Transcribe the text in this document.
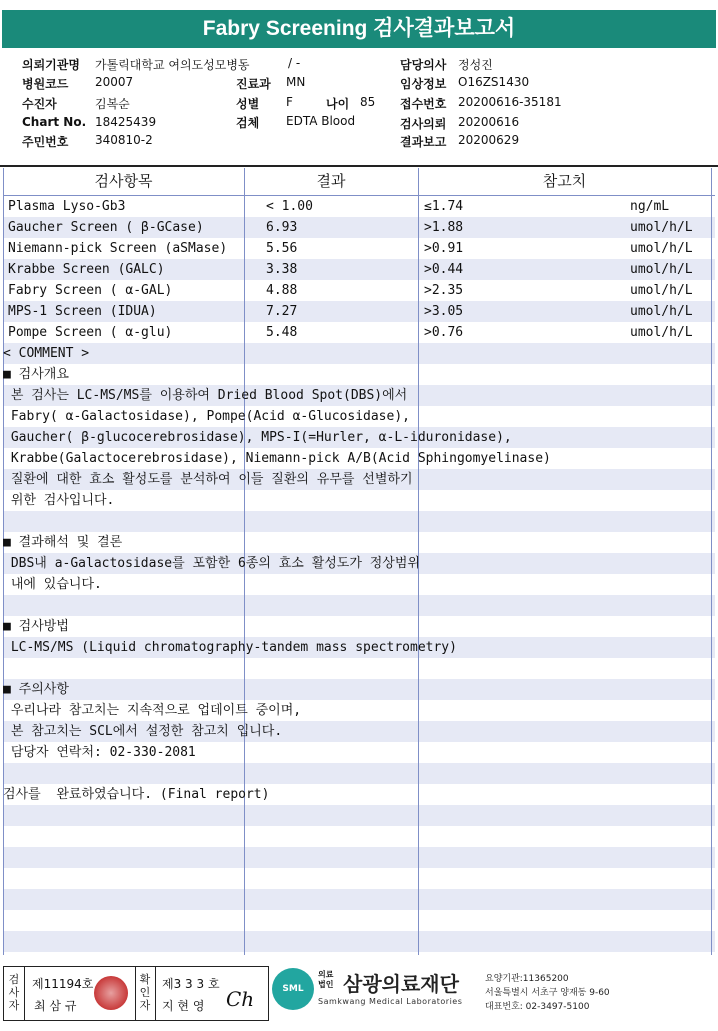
Fabry Screening 검사결과보고서
의뢰기관명 가톨릭대학교 여의도성모병동	/ -
병원코드 20007
수진자	김복순
Chart No. 18425439
주민번호 340810-2
진료과 MN
성별 F	나이 85
검체 EDTA Blood
담당의사 정성진
임상정보 O16ZS1430
접수번호 20200616-35181
검사의뢰 20200616
결과보고 20200629
검사항목	결과	참고치
Plasma Lyso-Gb3	< 1.00	≤1.74	ng/mL
Gaucher Screen ( β-GCase)	6.93	>1.88	umol/h/L
Niemann-pick Screen (aSMase)	5.56	>0.91	umol/h/L
Krabbe Screen (GALC)	3.38	>0.44	umol/h/L
Fabry Screen ( α-GAL)	4.88	>2.35	umol/h/L
MPS-1 Screen (IDUA)	7.27	>3.05	umol/h/L
Pompe Screen ( α-glu)	5.48	>0.76	umol/h/L
< COMMENT >
■ 검사개요
본 검사는 LC-MS/MS를 이용하여 Dried Blood Spot(DBS)에서
Fabry( α-Galactosidase), Pompe(Acid α-Glucosidase),
Gaucher( β-glucocerebrosidase), MPS-I(=Hurler, α-L-iduronidase),
Krabbe(Galactocerebrosidase), Niemann-pick A/B(Acid Sphingomyelinase)
질환에 대한 효소 활성도를 분석하여 이들 질환의 유무를 선별하기
위한 검사입니다.
■ 결과해석 및 결론
DBS내 a-Galactosidase를 포함한 6종의 효소 활성도가 정상범위
내에 있습니다.
■ 검사방법
LC-MS/MS (Liquid chromatography-tandem mass spectrometry)
■ 주의사항
우리나라 참고치는 지속적으로 업데이트 중이며,
본 참고치는 SCL에서 설정한 참고치 입니다.
담당자 연락처: 02-330-2081
검사를  완료하였습니다. (Final report)
검사자
제11194호
최 삼 규
확인자
제3 3 3 호
지 현 영 Ch	SML
의료법인 삼광의료재단
Samkwang Medical Laboratories
요양기관:11365200
서울특별시 서초구 양재동 9-60
대표번호: 02-3497-5100
